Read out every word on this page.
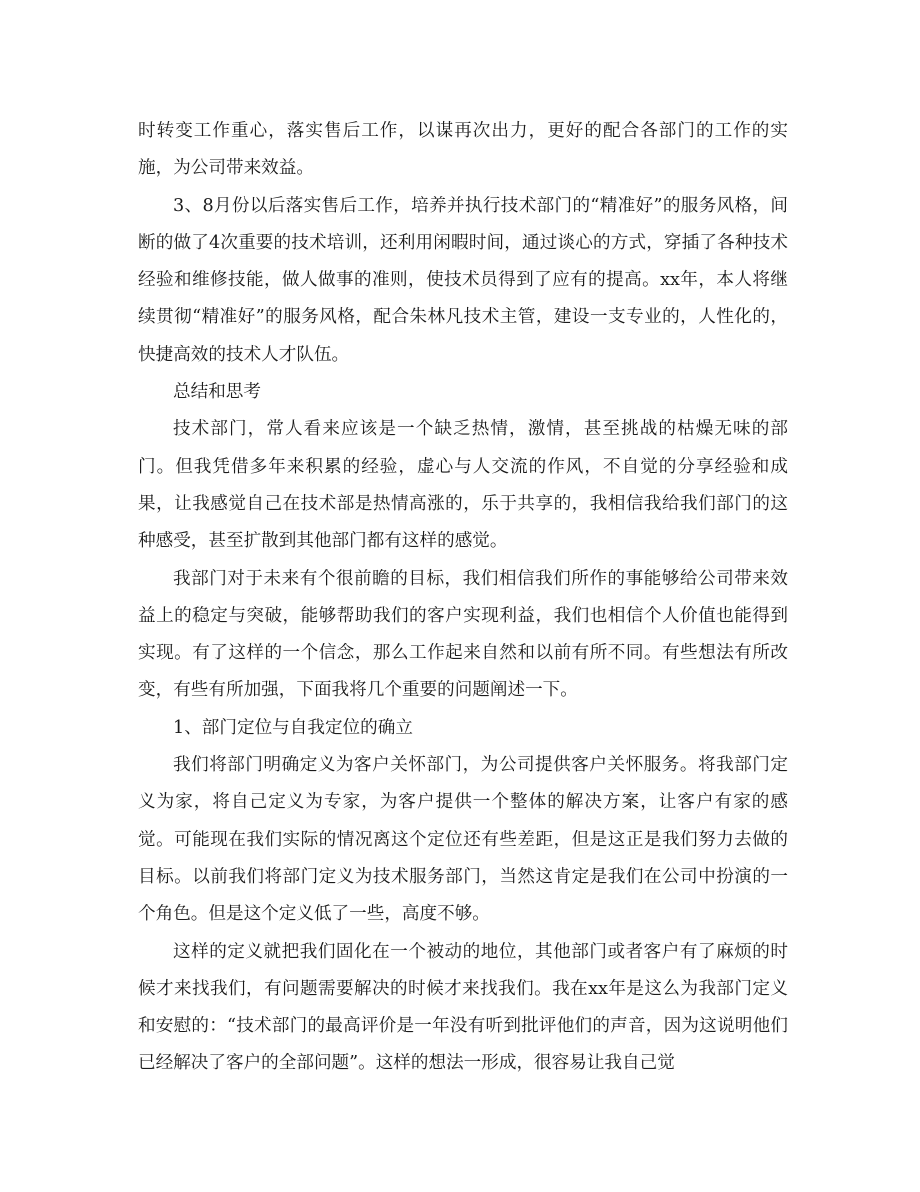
时转变工作重心，落实售后工作，以谋再次出力，更好的配合各部门的工作的实施，为公司带来效益。

3、8月份以后落实售后工作，培养并执行技术部门的“精准好”的服务风格，间断的做了4次重要的技术培训，还利用闲暇时间，通过谈心的方式，穿插了各种技术经验和维修技能，做人做事的准则，使技术员得到了应有的提高。xx年，本人将继续贯彻“精准好”的服务风格，配合朱林凡技术主管，建设一支专业的，人性化的，快捷高效的技术人才队伍。

总结和思考

技术部门，常人看来应该是一个缺乏热情，激情，甚至挑战的枯燥无味的部门。但我凭借多年来积累的经验，虚心与人交流的作风，不自觉的分享经验和成果，让我感觉自己在技术部是热情高涨的，乐于共享的，我相信我给我们部门的这种感受，甚至扩散到其他部门都有这样的感觉。

我部门对于未来有个很前瞻的目标，我们相信我们所作的事能够给公司带来效益上的稳定与突破，能够帮助我们的客户实现利益，我们也相信个人价值也能得到实现。有了这样的一个信念，那么工作起来自然和以前有所不同。有些想法有所改变，有些有所加强，下面我将几个重要的问题阐述一下。

1、部门定位与自我定位的确立

我们将部门明确定义为客户关怀部门，为公司提供客户关怀服务。将我部门定义为家，将自己定义为专家，为客户提供一个整体的解决方案，让客户有家的感觉。可能现在我们实际的情况离这个定位还有些差距，但是这正是我们努力去做的目标。以前我们将部门定义为技术服务部门，当然这肯定是我们在公司中扮演的一个角色。但是这个定义低了一些，高度不够。

这样的定义就把我们固化在一个被动的地位，其他部门或者客户有了麻烦的时候才来找我们，有问题需要解决的时候才来找我们。我在xx年是这么为我部门定义和安慰的：“技术部门的最高评价是一年没有听到批评他们的声音，因为这说明他们已经解决了客户的全部问题”。这样的想法一形成，很容易让我自己觉
